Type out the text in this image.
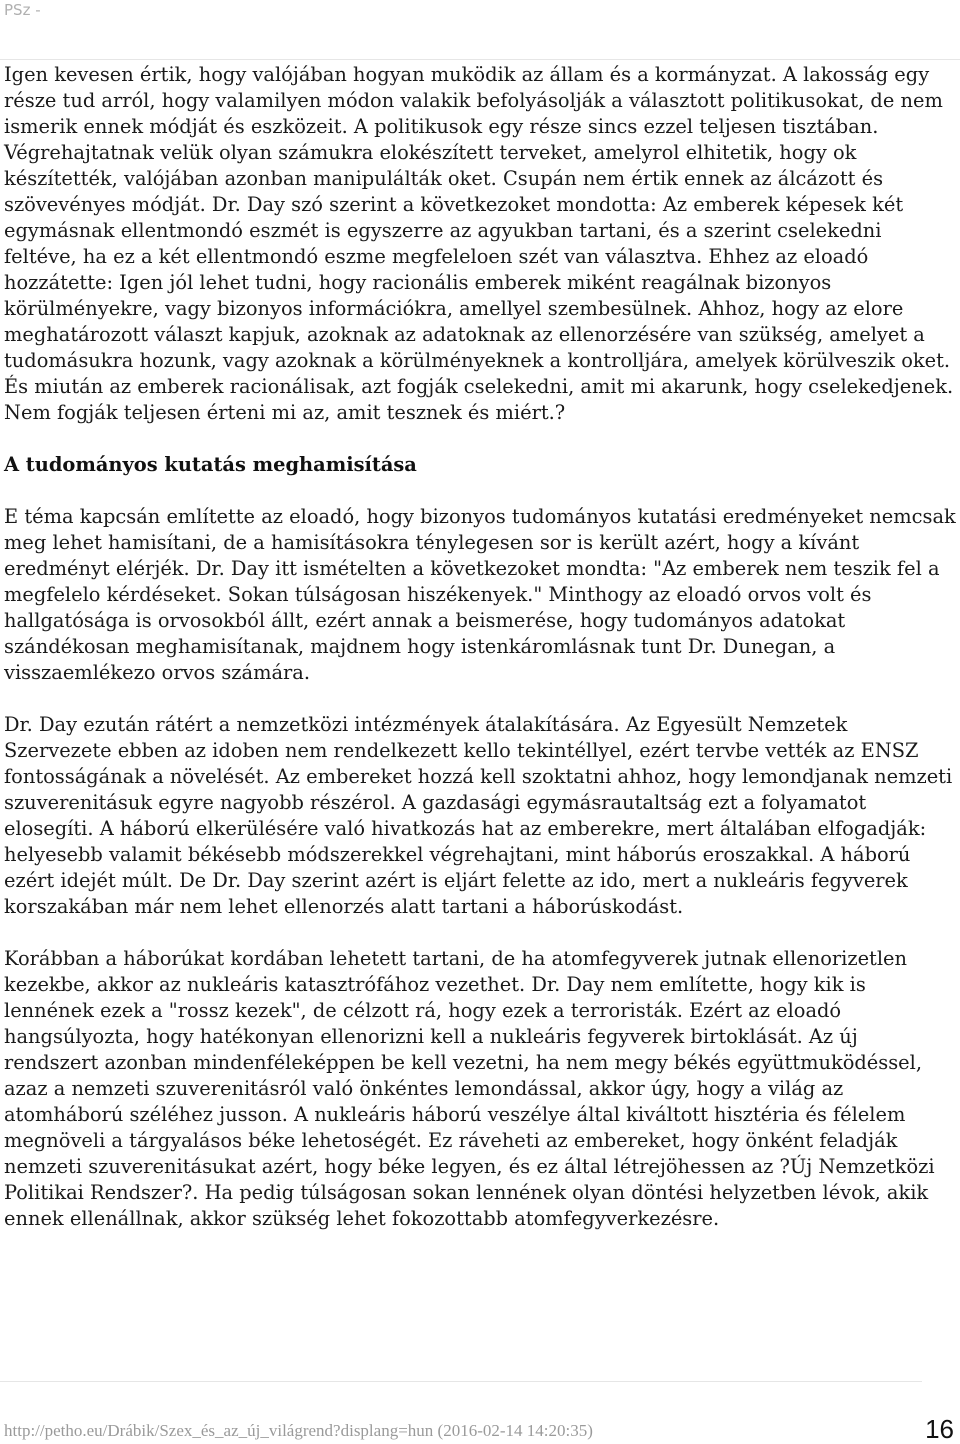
PSz -

Igen kevesen értik, hogy valójában hogyan muködik az állam és a kormányzat. A lakosság egy része tud arról, hogy valamilyen módon valakik befolyásolják a választott politikusokat, de nem ismerik ennek módját és eszközeit. A politikusok egy része sincs ezzel teljesen tisztában. Végrehajtatnak velük olyan számukra elokészített terveket, amelyrol elhitetik, hogy ok készítették, valójában azonban manipulálták oket. Csupán nem értik ennek az álcázott és szövevényes módját. Dr. Day szó szerint a következoket mondotta: Az emberek képesek két egymásnak ellentmondó eszmét is egyszerre az agyukban tartani, és a szerint cselekedni feltéve, ha ez a két ellentmondó eszme megfeleloen szét van választva. Ehhez az eloadó hozzátette: Igen jól lehet tudni, hogy racionális emberek miként reagálnak bizonyos körülményekre, vagy bizonyos információkra, amellyel szembesülnek. Ahhoz, hogy az elore meghatározott választ kapjuk, azoknak az adatoknak az ellenorzésére van szükség, amelyet a tudomásukra hozunk, vagy azoknak a körülményeknek a kontrolljára, amelyek körülveszik oket. És miután az emberek racionálisak, azt fogják cselekedni, amit mi akarunk, hogy cselekedjenek. Nem fogják teljesen érteni mi az, amit tesznek és miért.?

A tudományos kutatás meghamisítása

E téma kapcsán említette az eloadó, hogy bizonyos tudományos kutatási eredményeket nemcsak meg lehet hamisítani, de a hamisításokra ténylegesen sor is került azért, hogy a kívánt eredményt elérjék. Dr. Day itt ismételten a következoket mondta: "Az emberek nem teszik fel a megfelelo kérdéseket. Sokan túlságosan hiszékenyek." Minthogy az eloadó orvos volt és hallgatósága is orvosokból állt, ezért annak a beismerése, hogy tudományos adatokat szándékosan meghamisítanak, majdnem hogy istenkáromlásnak tunt Dr. Dunegan, a visszaemlékezo orvos számára.

Dr. Day ezután rátért a nemzetközi intézmények átalakítására. Az Egyesült Nemzetek Szervezete ebben az idoben nem rendelkezett kello tekintéllyel, ezért tervbe vették az ENSZ fontosságának a növelését. Az embereket hozzá kell szoktatni ahhoz, hogy lemondjanak nemzeti szuverenitásuk egyre nagyobb részérol. A gazdasági egymásrautaltság ezt a folyamatot elosegíti. A háború elkerülésére való hivatkozás hat az emberekre, mert általában elfogadják: helyesebb valamit békésebb módszerekkel végrehajtani, mint háborús eroszakkal. A háború ezért idejét múlt. De Dr. Day szerint azért is eljárt felette az ido, mert a nukleáris fegyverek korszakában már nem lehet ellenorzés alatt tartani a háborúskodást.

Korábban a háborúkat kordában lehetett tartani, de ha atomfegyverek jutnak ellenorizetlen kezekbe, akkor az nukleáris katasztrófához vezethet. Dr. Day nem említette, hogy kik is lennének ezek a "rossz kezek", de célzott rá, hogy ezek a terroristák. Ezért az eloadó hangsúlyozta, hogy hatékonyan ellenorizni kell a nukleáris fegyverek birtoklását. Az új rendszert azonban mindenféleképpen be kell vezetni, ha nem megy békés együttmuködéssel, azaz a nemzeti szuverenitásról való önkéntes lemondással, akkor úgy, hogy a világ az atomháború széléhez jusson. A nukleáris háború veszélye által kiváltott hisztéria és félelem megnöveli a tárgyalásos béke lehetoségét. Ez ráveheti az embereket, hogy önként feladják nemzeti szuverenitásukat azért, hogy béke legyen, és ez által létrejöhessen az ?Új Nemzetközi Politikai Rendszer?. Ha pedig túlságosan sokan lennének olyan döntési helyzetben lévok, akik ennek ellenállnak, akkor szükség lehet fokozottabb atomfegyverkezésre.

http://petho.eu/Drábik/Szex_és_az_új_világrend?displang=hun (2016-02-14 14:20:35)	16
